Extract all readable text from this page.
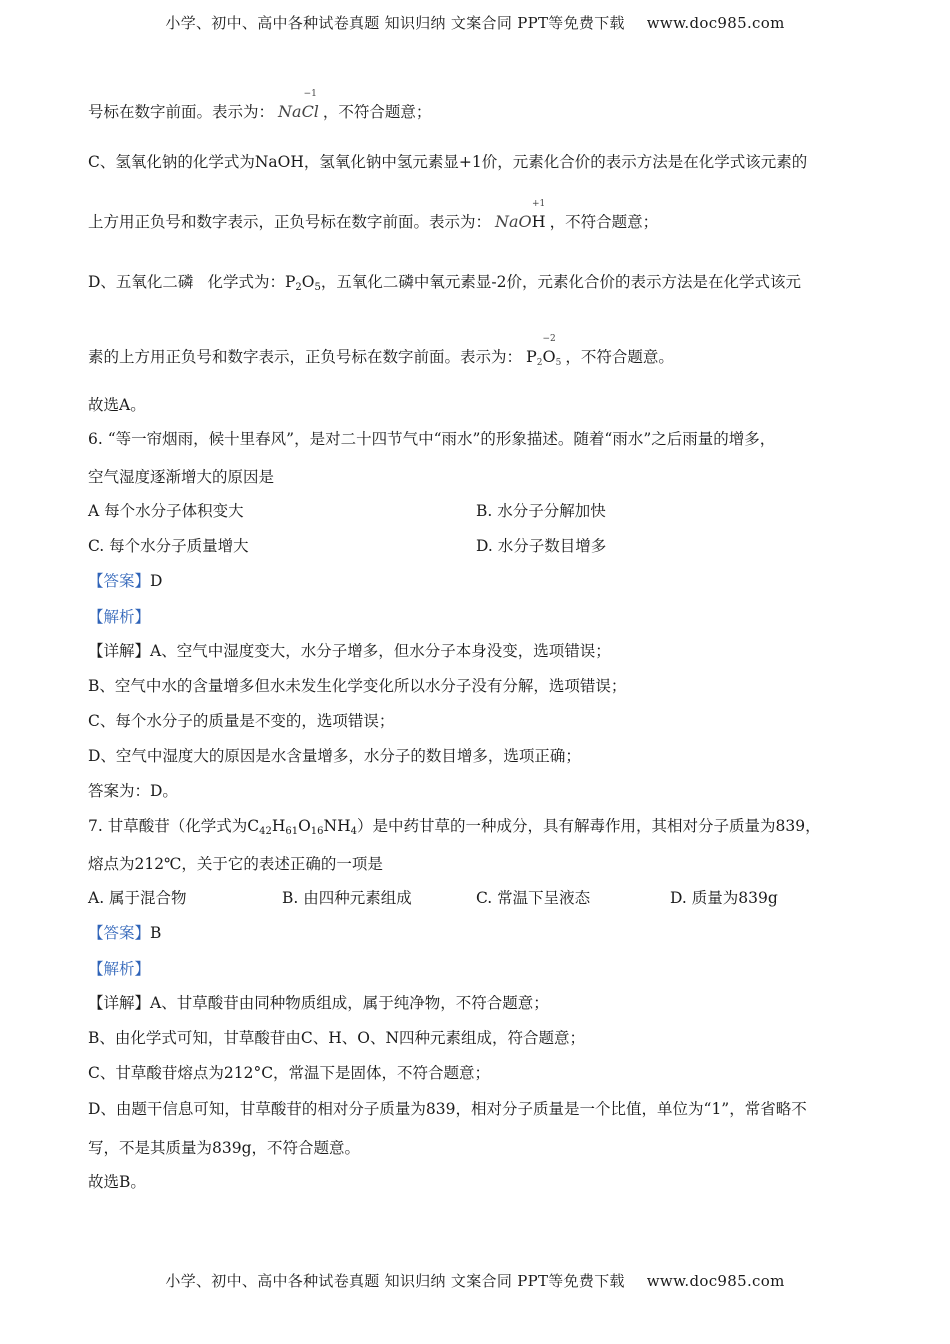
小学、初中、高中各种试卷真题 知识归纳 文案合同 PPT等免费下载 www.doc985.com
号标在数字前面。表示为： NaCl
−1
，不符合题意；
C、氢氧化钠的化学式为NaOH，氢氧化钠中氢元素显+1价，元素化合价的表示方法是在化学式该元素的
上方用正负号和数字表示，正负号标在数字前面。表示为： NaOH
+1
，不符合题意；
D、五氧化二磷 化学式为：$P_2O_5$，五氧化二磷中氧元素显-2价，元素化合价的表示方法是在化学式该元
素的上方用正负号和数字表示，正负号标在数字前面。表示为： P2O
−2
5 ，不符合题意。
故选A。
6. “等一帘烟雨，候十里春风”，是对二十四节气中“雨水”的形象描述。随着“雨水”之后雨量的增多，
空气湿度逐渐增大的原因是
A 每个水分子体积变大	B. 水分子分解加快
C. 每个水分子质量增大	D. 水分子数目增多
【答案】D
【解析】
【详解】A、空气中湿度变大，水分子增多，但水分子本身没变，选项错误；
B、空气中水的含量增多但水未发生化学变化所以水分子没有分解，选项错误；
C、每个水分子的质量是不变的，选项错误；
D、空气中湿度大的原因是水含量增多，水分子的数目增多，选项正确；
答案为：D。
7. 甘草酸苷（化学式为$C_{42}H_{61}O_{16}NH_4$）是中药甘草的一种成分，具有解毒作用，其相对分子质量为839，
熔点为212℃，关于它的表述正确的一项是
A. 属于混合物	B. 由四种元素组成	C. 常温下呈液态	D. 质量为839g
【答案】B
【解析】
【详解】A、甘草酸苷由同种物质组成，属于纯净物，不符合题意；
B、由化学式可知，甘草酸苷由C、H、O、N四种元素组成，符合题意；
C、甘草酸苷熔点为212°C，常温下是固体，不符合题意；
D、由题干信息可知，甘草酸苷的相对分子质量为839，相对分子质量是一个比值，单位为“1”，常省略不
写，不是其质量为839g，不符合题意。
故选B。
小学、初中、高中各种试卷真题 知识归纳 文案合同 PPT等免费下载 www.doc985.com
